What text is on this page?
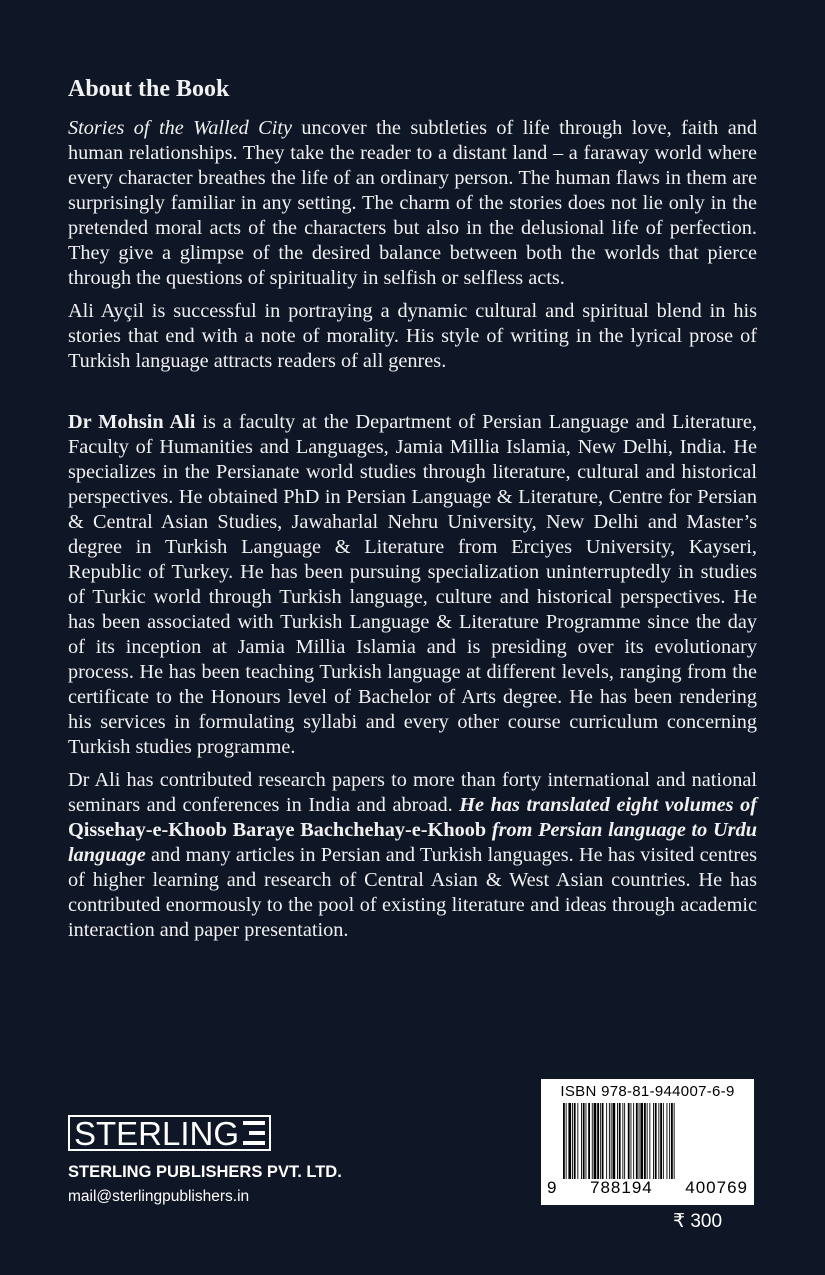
About the Book

Stories of the Walled City uncover the subtleties of life through love, faith and human relationships. They take the reader to a distant land – a faraway world where every character breathes the life of an ordinary person. The human flaws in them are surprisingly familiar in any setting. The charm of the stories does not lie only in the pretended moral acts of the characters but also in the delusional life of perfection. They give a glimpse of the desired balance between both the worlds that pierce through the questions of spirituality in selfish or selfless acts.

Ali Ayçil is successful in portraying a dynamic cultural and spiritual blend in his stories that end with a note of morality. His style of writing in the lyrical prose of Turkish language attracts readers of all genres.

Dr Mohsin Ali is a faculty at the Department of Persian Language and Literature, Faculty of Humanities and Languages, Jamia Millia Islamia, New Delhi, India. He specializes in the Persianate world studies through literature, cultural and historical perspectives. He obtained PhD in Persian Language & Literature, Centre for Persian & Central Asian Studies, Jawaharlal Nehru University, New Delhi and Master’s degree in Turkish Language & Literature from Erciyes University, Kayseri, Republic of Turkey. He has been pursuing specialization uninterruptedly in studies of Turkic world through Turkish language, culture and historical perspectives. He has been associated with Turkish Language & Literature Programme since the day of its inception at Jamia Millia Islamia and is presiding over its evolutionary process. He has been teaching Turkish language at different levels, ranging from the certificate to the Honours level of Bachelor of Arts degree. He has been rendering his services in formulating syllabi and every other course curriculum concerning Turkish studies programme.

Dr Ali has contributed research papers to more than forty international and national seminars and conferences in India and abroad. He has translated eight volumes of Qissehay-e-Khoob Baraye Bachchehay-e-Khoob from Persian language to Urdu language and many articles in Persian and Turkish languages. He has visited centres of higher learning and research of Central Asian & West Asian countries. He has contributed enormously to the pool of existing literature and ideas through academic interaction and paper presentation.

STERLING
STERLING PUBLISHERS PVT. LTD.
mail@sterlingpublishers.in
ISBN 978-81-944007-6-9
9 788194 400769
₹ 300
